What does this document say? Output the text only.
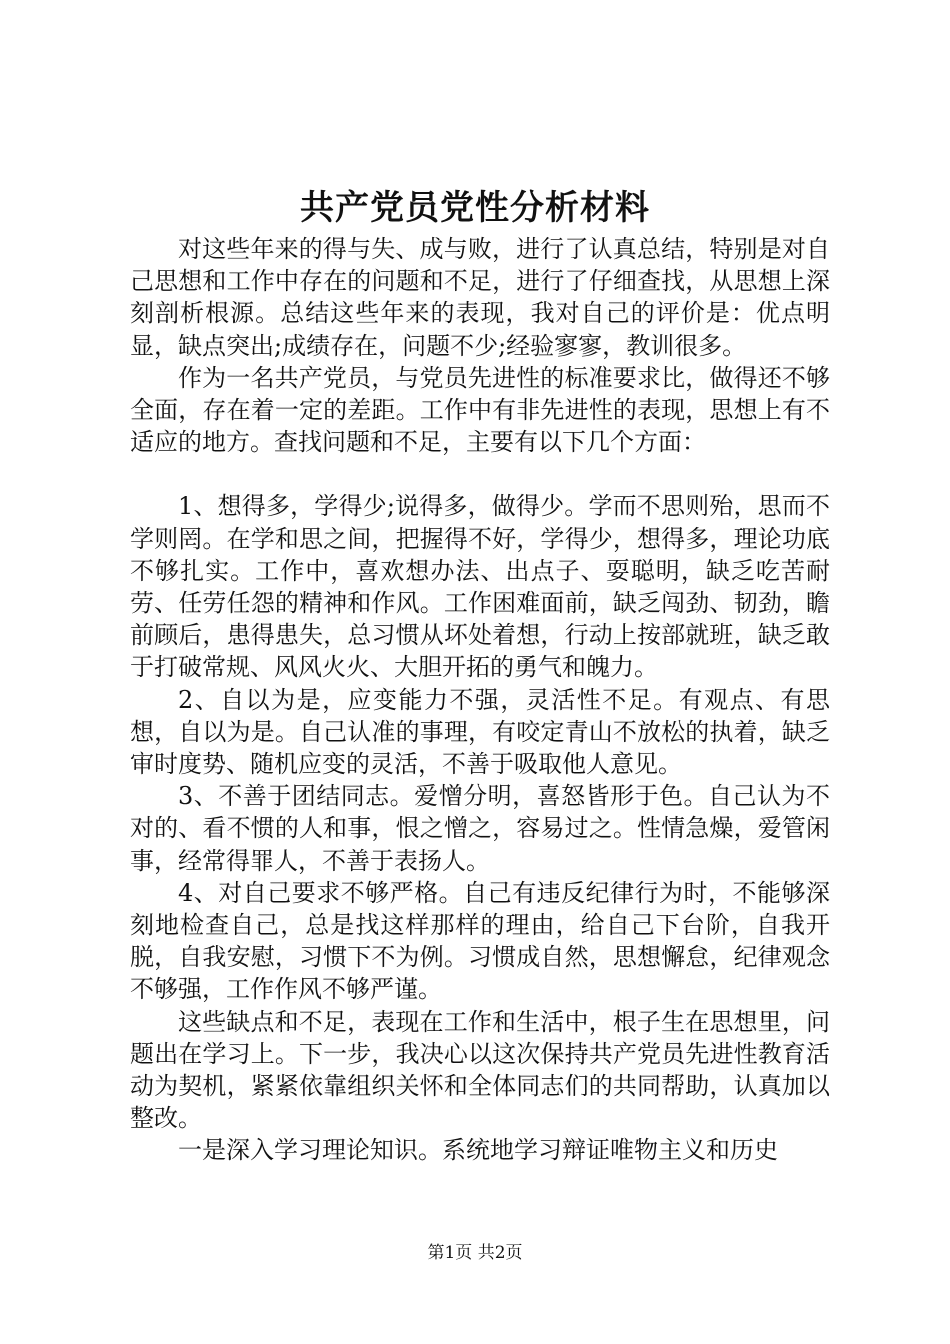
共产党员党性分析材料

对这些年来的得与失、成与败，进行了认真总结，特别是对自己思想和工作中存在的问题和不足，进行了仔细查找，从思想上深刻剖析根源。总结这些年来的表现，我对自己的评价是：优点明显，缺点突出;成绩存在，问题不少;经验寥寥，教训很多。

作为一名共产党员，与党员先进性的标准要求比，做得还不够全面，存在着一定的差距。工作中有非先进性的表现，思想上有不适应的地方。查找问题和不足，主要有以下几个方面：

1、想得多，学得少;说得多，做得少。学而不思则殆，思而不学则罔。在学和思之间，把握得不好，学得少，想得多，理论功底不够扎实。工作中，喜欢想办法、出点子、耍聪明，缺乏吃苦耐劳、任劳任怨的精神和作风。工作困难面前，缺乏闯劲、韧劲，瞻前顾后，患得患失，总习惯从坏处着想，行动上按部就班，缺乏敢于打破常规、风风火火、大胆开拓的勇气和魄力。

2、自以为是，应变能力不强，灵活性不足。有观点、有思想，自以为是。自己认准的事理，有咬定青山不放松的执着，缺乏审时度势、随机应变的灵活，不善于吸取他人意见。

3、不善于团结同志。爱憎分明，喜怒皆形于色。自己认为不对的、看不惯的人和事，恨之憎之，容易过之。性情急燥，爱管闲事，经常得罪人，不善于表扬人。

4、对自己要求不够严格。自己有违反纪律行为时，不能够深刻地检查自己，总是找这样那样的理由，给自己下台阶，自我开脱，自我安慰，习惯下不为例。习惯成自然，思想懈怠，纪律观念不够强，工作作风不够严谨。

这些缺点和不足，表现在工作和生活中，根子生在思想里，问题出在学习上。下一步，我决心以这次保持共产党员先进性教育活动为契机，紧紧依靠组织关怀和全体同志们的共同帮助，认真加以整改。

一是深入学习理论知识。系统地学习辩证唯物主义和历史

第1页 共2页
